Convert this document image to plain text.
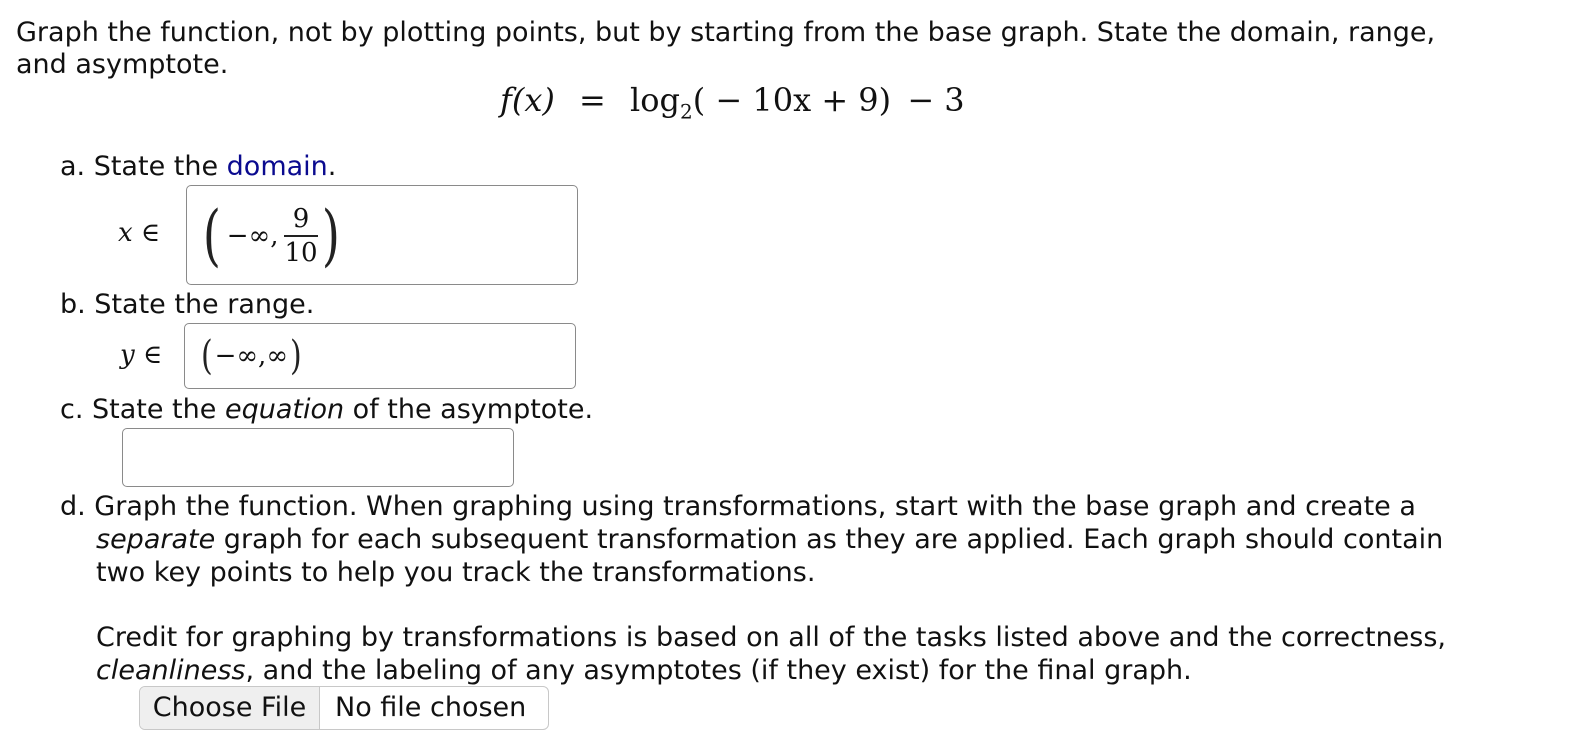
Graph the function, not by plotting points, but by starting from the base graph. State the domain, range,
and asymptote.
$f(x) = \log_2( - 10x + 9) - 3$
a. State the domain.
x ∈ ( −∞, $\frac{9}{10}$ )
b. State the range.
y ∈ ( −∞,∞ )
c. State the equation of the asymptote.
d. Graph the function. When graphing using transformations, start with the base graph and create a
separate graph for each subsequent transformation as they are applied. Each graph should contain
two key points to help you track the transformations.
Credit for graphing by transformations is based on all of the tasks listed above and the correctness,
cleanliness, and the labeling of any asymptotes (if they exist) for the final graph.
Choose File	No file chosen
